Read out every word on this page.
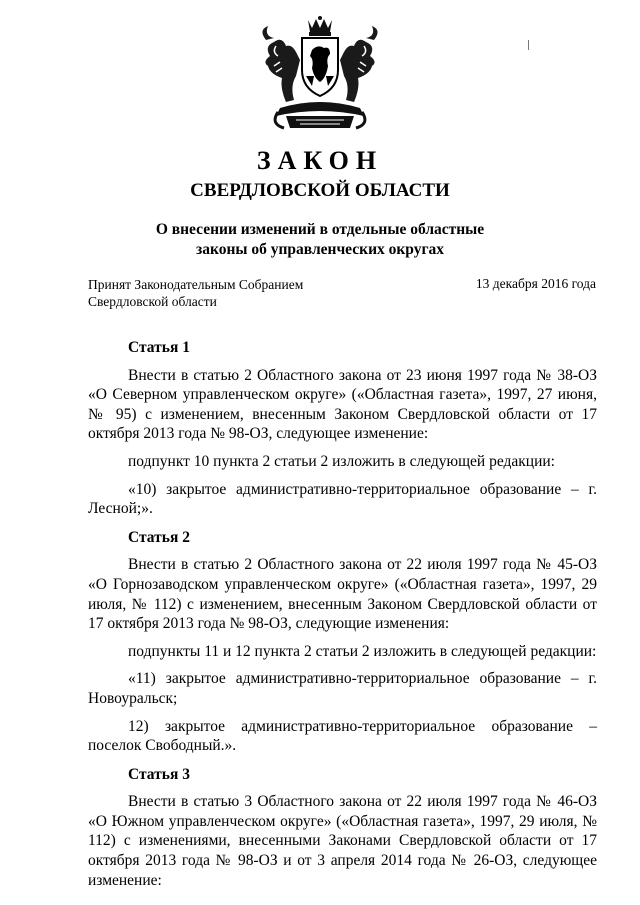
ЗАКОН
СВЕРДЛОВСКОЙ ОБЛАСТИ
О внесении изменений в отдельные областные
законы об управленческих округах
Принят Законодательным Собранием
Свердловской области
13 декабря 2016 года
Статья 1

Внести в статью 2 Областного закона от 23 июня 1997 года № 38-ОЗ «О Северном управленческом округе» («Областная газета», 1997, 27 июня, № 95) с изменением, внесенным Законом Свердловской области от 17 октября 2013 года № 98-ОЗ, следующее изменение:

подпункт 10 пункта 2 статьи 2 изложить в следующей редакции:

«10) закрытое административно-территориальное образование – г. Лесной;».

Статья 2

Внести в статью 2 Областного закона от 22 июля 1997 года № 45-ОЗ «О Горнозаводском управленческом округе» («Областная газета», 1997, 29 июля, № 112) с изменением, внесенным Законом Свердловской области от 17 октября 2013 года № 98-ОЗ, следующие изменения:

подпункты 11 и 12 пункта 2 статьи 2 изложить в следующей редакции:

«11) закрытое административно-территориальное образование – г. Новоуральск;

12) закрытое административно-территориальное образование – поселок Свободный.».

Статья 3

Внести в статью 3 Областного закона от 22 июля 1997 года № 46-ОЗ «О Южном управленческом округе» («Областная газета», 1997, 29 июля, № 112) с изменениями, внесенными Законами Свердловской области от 17 октября 2013 года № 98-ОЗ и от 3 апреля 2014 года № 26-ОЗ, следующее изменение:
